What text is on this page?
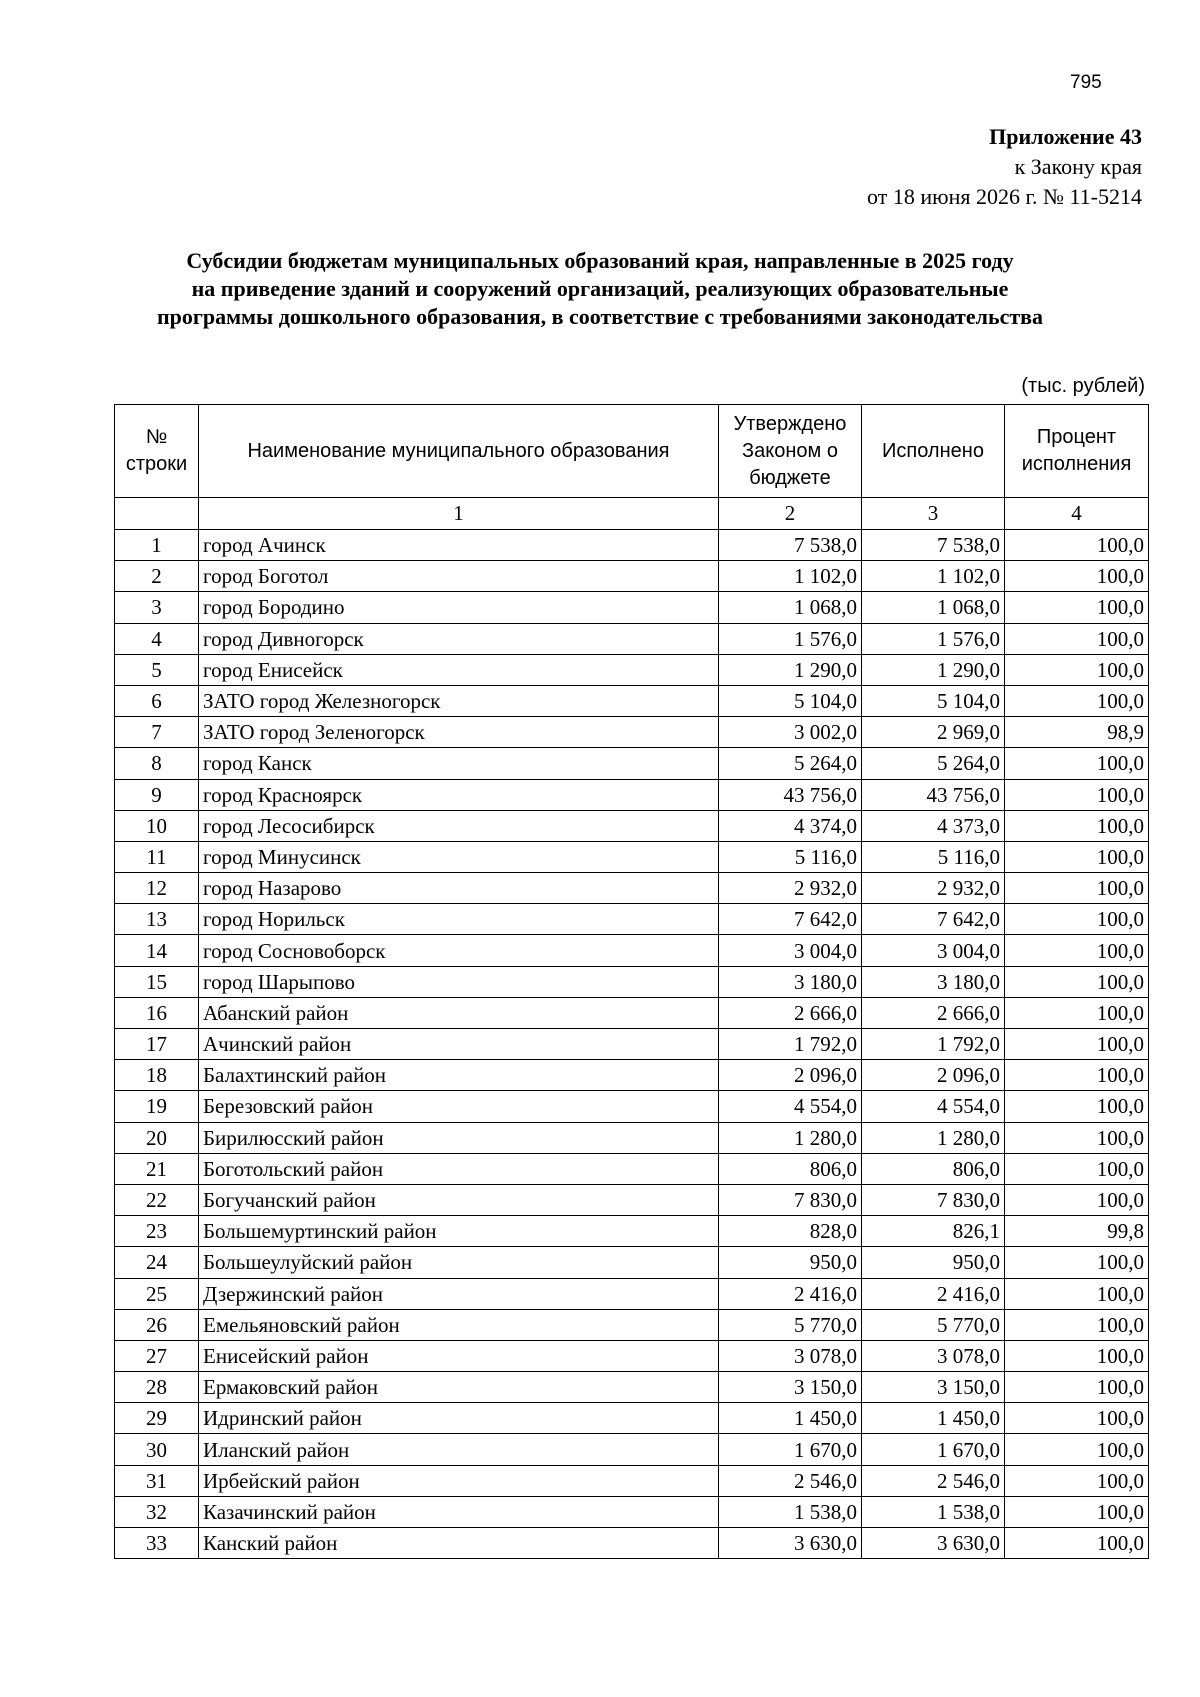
795
Приложение 43
к Закону края
от 18 июня 2026 г. № 11-5214
Субсидии бюджетам муниципальных образований края, направленные в 2025 году
на приведение зданий и сооружений организаций, реализующих образовательные
программы дошкольного образования, в соответствие с требованиями законодательства
(тыс. рублей)
№ строки	Наименование муниципального образования	Утверждено Законом о бюджете	Исполнено	Процент исполнения
	1	2	3	4
1	город Ачинск	7 538,0	7 538,0	100,0
2	город Боготол	1 102,0	1 102,0	100,0
3	город Бородино	1 068,0	1 068,0	100,0
4	город Дивногорск	1 576,0	1 576,0	100,0
5	город Енисейск	1 290,0	1 290,0	100,0
6	ЗАТО город Железногорск	5 104,0	5 104,0	100,0
7	ЗАТО город Зеленогорск	3 002,0	2 969,0	98,9
8	город Канск	5 264,0	5 264,0	100,0
9	город Красноярск	43 756,0	43 756,0	100,0
10	город Лесосибирск	4 374,0	4 373,0	100,0
11	город Минусинск	5 116,0	5 116,0	100,0
12	город Назарово	2 932,0	2 932,0	100,0
13	город Норильск	7 642,0	7 642,0	100,0
14	город Сосновоборск	3 004,0	3 004,0	100,0
15	город Шарыпово	3 180,0	3 180,0	100,0
16	Абанский район	2 666,0	2 666,0	100,0
17	Ачинский район	1 792,0	1 792,0	100,0
18	Балахтинский район	2 096,0	2 096,0	100,0
19	Березовский район	4 554,0	4 554,0	100,0
20	Бирилюсский район	1 280,0	1 280,0	100,0
21	Боготольский район	806,0	806,0	100,0
22	Богучанский район	7 830,0	7 830,0	100,0
23	Большемуртинский район	828,0	826,1	99,8
24	Большеулуйский район	950,0	950,0	100,0
25	Дзержинский район	2 416,0	2 416,0	100,0
26	Емельяновский район	5 770,0	5 770,0	100,0
27	Енисейский район	3 078,0	3 078,0	100,0
28	Ермаковский район	3 150,0	3 150,0	100,0
29	Идринский район	1 450,0	1 450,0	100,0
30	Иланский район	1 670,0	1 670,0	100,0
31	Ирбейский район	2 546,0	2 546,0	100,0
32	Казачинский район	1 538,0	1 538,0	100,0
33	Канский район	3 630,0	3 630,0	100,0
